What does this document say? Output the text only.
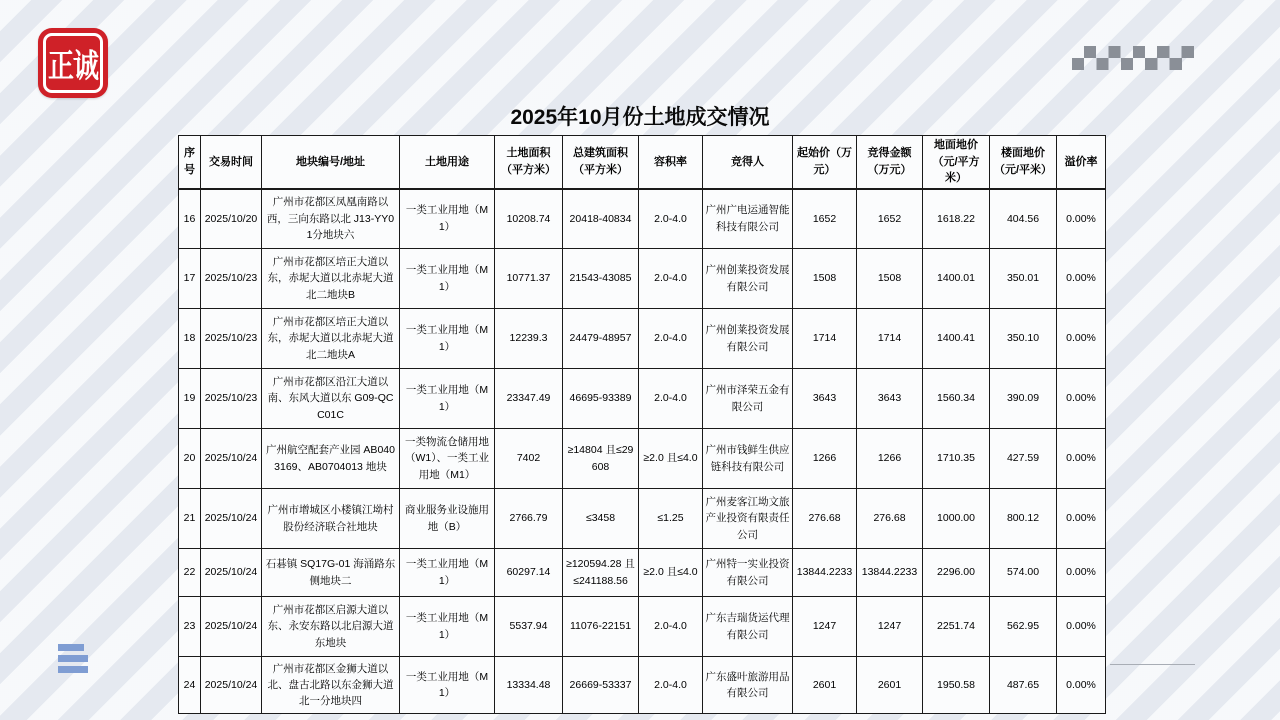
正诚
2025年10月份土地成交情况
序号	交易时间	地块编号/地址	土地用途	土地面积（平方米）	总建筑面积（平方米）	容积率	竞得人	起始价（万元）	竞得金额（万元）	地面地价（元/平方米）	楼面地价（元/平米）	溢价率
16	2025/10/20	广州市花都区凤凰南路以西，三向东路以北 J13-YY01分地块六	一类工业用地（M1）	10208.74	20418-40834	2.0-4.0	广州广电运通智能科技有限公司	1652	1652	1618.22	404.56	0.00%
17	2025/10/23	广州市花都区培正大道以东，赤坭大道以北赤坭大道北二地块B	一类工业用地（M1）	10771.37	21543-43085	2.0-4.0	广州创莱投资发展有限公司	1508	1508	1400.01	350.01	0.00%
18	2025/10/23	广州市花都区培正大道以东，赤坭大道以北赤坭大道北二地块A	一类工业用地（M1）	12239.3	24479-48957	2.0-4.0	广州创莱投资发展有限公司	1714	1714	1400.41	350.10	0.00%
19	2025/10/23	广州市花都区沿江大道以南、东风大道以东 G09-QCC01C	一类工业用地（M1）	23347.49	46695-93389	2.0-4.0	广州市泽荣五金有限公司	3643	3643	1560.34	390.09	0.00%
20	2025/10/24	广州航空配套产业园 AB0403169、AB0704013 地块	一类物流仓储用地（W1）、一类工业用地（M1）	7402	≥14804 且≤29608	≥2.0 且≤4.0	广州市钱鲜生供应链科技有限公司	1266	1266	1710.35	427.59	0.00%
21	2025/10/24	广州市增城区小楼镇江坳村股份经济联合社地块	商业服务业设施用地（B）	2766.79	≤3458	≤1.25	广州麦客江坳文旅产业投资有限责任公司	276.68	276.68	1000.00	800.12	0.00%
22	2025/10/24	石碁镇 SQ17G-01 海涌路东侧地块二	一类工业用地（M1）	60297.14	≥120594.28 且≤241188.56	≥2.0 且≤4.0	广州特一实业投资有限公司	13844.2233	13844.2233	2296.00	574.00	0.00%
23	2025/10/24	广州市花都区启源大道以东、永安东路以北启源大道东地块	一类工业用地（M1）	5537.94	11076-22151	2.0-4.0	广东吉瑞货运代理有限公司	1247	1247	2251.74	562.95	0.00%
24	2025/10/24	广州市花都区金狮大道以北、盘古北路以东金狮大道北一分地块四	一类工业用地（M1）	13334.48	26669-53337	2.0-4.0	广东盛叶旅游用品有限公司	2601	2601	1950.58	487.65	0.00%
